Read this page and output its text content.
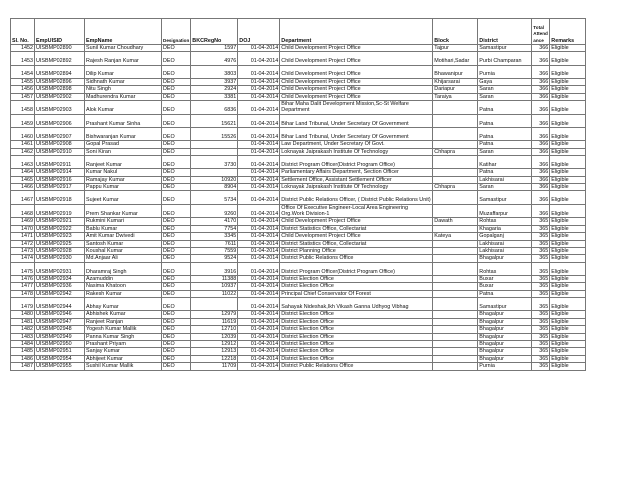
Sl. No.	EmpUISID	EmpName	Designation	BKCRegNo	DOJ	Department	Block	District	Total Attendance	Remarks
1452	UISBMP02890	Sunil Kumar Choudhary	DEO	1597	01-04-2014	Child Development Project Office	Tajpur	Samastipur	366	Eligible
1453	UISBMP02892	Rajesh Ranjan Kumar	DEO	4976	01-04-2014	Child Development Project Office	Motihari,Sadar	Purbi Champaran	366	Eligible
1454	UISBMP02894	Dilip Kumar	DEO	3803	01-04-2014	Child Development Project Office	Bhawanipur	Purnia	366	Eligible
1455	UISBMP02896	Sidhnath Kumar	DEO	3937	01-04-2014	Child Development Project Office	Khijarsarai	Gaya	366	Eligible
1456	UISBMP02898	Nitu Singh	DEO	2924	01-04-2014	Child Development Project Office	Dariapur	Saran	366	Eligible
1457	UISBMP02902	Madhurendra Kumar	DEO	3381	01-04-2014	Child Development Project Office	Taraiya	Saran	366	Eligible
1458	UISBMP02903	Alok Kumar	DEO	6836	01-04-2014	Bihar Maha Dalit Development Mission,Sc-St Welfare Department		Patna	366	Eligible
1459	UISBMP02906	Prashant Kumar Sinha	DEO	15621	01-04-2014	Bihar Land Tribunal, Under Secretary Of Government		Patna	366	Eligible
1460	UISBMP02907	Bishwaranjan Kumar	DEO	15526	01-04-2014	Bihar Land Tribunal, Under Secretary Of Government		Patna	366	Eligible
1461	UISBMP02908	Gopal Prasad	DEO		01-04-2014	Law Department, Under Secretary Of Govt.		Patna	366	Eligible
1462	UISBMP02910	Soni Kiran	DEO		01-04-2014	Loknayak Jaiprakash Institute Of Technology	Chhapra	Saran	366	Eligible
1463	UISBMP02911	Ranjeet Kumar	DEO	3730	01-04-2014	District Program Officer(District Program Office)		Katihar	366	Eligible
1464	UISBMP02914	Kumar Nakul	DEO		01-04-2014	Parliamentary Affairs Department, Section Officer		Patna	366	Eligible
1465	UISBMP02916	Ramajay Kumar	DEO	10920	01-04-2014	Settlement Office, Assistant Settlement Officer		Lakhisarai	366	Eligible
1466	UISBMP02917	Pappu Kumar	DEO	8904	01-04-2014	Loknayak Jaiprakash Institute Of Technology	Chhapra	Saran	366	Eligible
1467	UISBMP02918	Sujeet Kumar	DEO	5734	01-04-2014	District Public Relations Officer, ( District Public Relations Unit)		Samastipur	366	Eligible
1468	UISBMP02919	Prem Shankar Kumar	DEO	9260	01-04-2014	Office Of Executive Engineer-Local Area Engineering Org.Work Division-1		Muzaffarpur	366	Eligible
1469	UISBMP02921	Rukmini Kumari	DEO	4170	01-04-2014	Child Development Project Office	Dawath	Rohtas	365	Eligible
1470	UISBMP02922	Bablu Kumar	DEO	7754	01-04-2014	District Statistics Office, Collectariat		Khagaria	365	Eligible
1471	UISBMP02923	Amit Kumar Dwivedi	DEO	3345	01-04-2014	Child Development Project Office	Kateya	Gopalganj	365	Eligible
1472	UISBMP02925	Santosh Kumar	DEO	7611	01-04-2014	District Statistics Office, Collectariat		Lakhisarai	365	Eligible
1473	UISBMP02928	Koushal Kumar	DEO	7559	01-04-2014	District Planning Office		Lakhisarai	365	Eligible
1474	UISBMP02930	Md.Anjaar Ali	DEO	9524	01-04-2014	District Public Relations Office		Bhagalpur	365	Eligible
1475	UISBMP02931	Dharamraj Singh	DEO	3916	01-04-2014	District Program Officer(District Program Office)		Rohtas	365	Eligible
1476	UISBMP02934	Azamuddin	DEO	11388	01-04-2014	District Election Office		Buxar	365	Eligible
1477	UISBMP02936	Nasima Khatoon	DEO	10937	01-04-2014	District Election Office		Buxar	365	Eligible
1478	UISBMP02942	Rakesh Kumar	DEO	11022	01-04-2014	Principal Chief Conservator Of Forest		Patna	365	Eligible
1479	UISBMP02944	Abhay Kumar	DEO		01-04-2014	Sahayak Nideshak,Ikh Vikash Ganna Udhyog Vibhag		Samastipur	365	Eligible
1480	UISBMP02946	Abhishek Kumar	DEO	12979	01-04-2014	District Election Office		Bhagalpur	365	Eligible
1481	UISBMP02947	Ranjeet Ranjan	DEO	11619	01-04-2014	District Election Office		Bhagalpur	365	Eligible
1482	UISBMP02948	Yogesh Kumar Mallik	DEO	12710	01-04-2014	District Election Office		Bhagalpur	365	Eligible
1483	UISBMP02949	Panna Kumar Singh	DEO	12039	01-04-2014	District Election Office		Bhagalpur	365	Eligible
1484	UISBMP02950	Prashant Priyam	DEO	12912	01-04-2014	District Election Office		Bhagalpur	365	Eligible
1485	UISBMP02951	Sanjay Kumar	DEO	12913	01-04-2014	District Election Office		Bhagalpur	365	Eligible
1486	UISBMP02954	Abhijeet Kumar	DEO	12218	01-04-2014	District Election Office		Bhagalpur	365	Eligible
1487	UISBMP02955	Sushil Kumar Mallik	DEO	11709	01-04-2014	District Public Relations Office		Purnia	365	Eligible
